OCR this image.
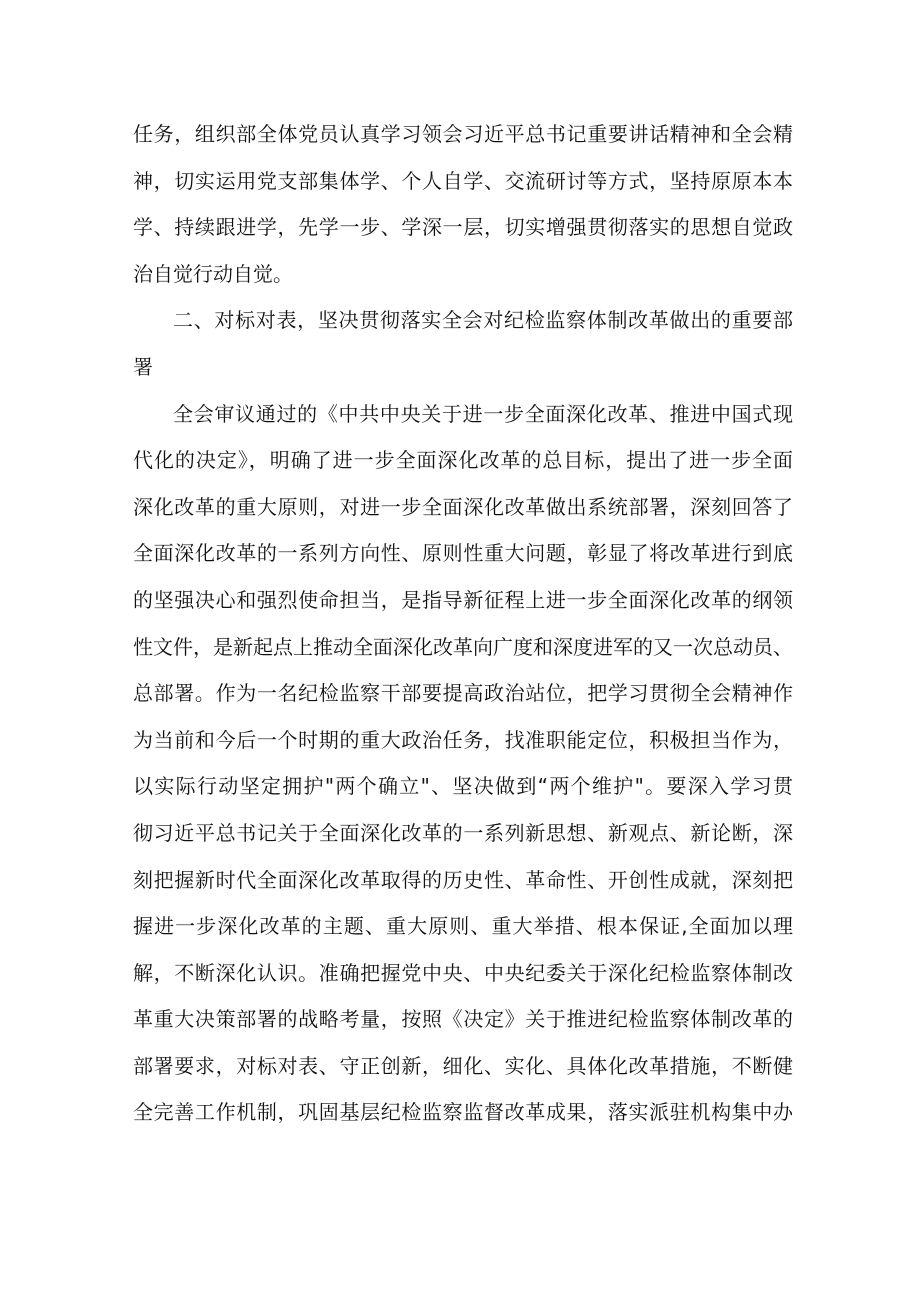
任务，组织部全体党员认真学习领会习近平总书记重要讲话精神和全会精
神，切实运用党支部集体学、个人自学、交流研讨等方式，坚持原原本本
学、持续跟进学，先学一步、学深一层，切实增强贯彻落实的思想自觉政
治自觉行动自觉。
二、对标对表，坚决贯彻落实全会对纪检监察体制改革做出的重要部
署
全会审议通过的《中共中央关于进一步全面深化改革、推进中国式现
代化的决定》，明确了进一步全面深化改革的总目标，提出了进一步全面
深化改革的重大原则，对进一步全面深化改革做出系统部署，深刻回答了
全面深化改革的一系列方向性、原则性重大问题，彰显了将改革进行到底
的坚强决心和强烈使命担当，是指导新征程上进一步全面深化改革的纲领
性文件，是新起点上推动全面深化改革向广度和深度进军的又一次总动员、
总部署。作为一名纪检监察干部要提高政治站位，把学习贯彻全会精神作
为当前和今后一个时期的重大政治任务，找准职能定位，积极担当作为，
以实际行动坚定拥护"两个确立"、坚决做到“两个维护"。要深入学习贯
彻习近平总书记关于全面深化改革的一系列新思想、新观点、新论断，深
刻把握新时代全面深化改革取得的历史性、革命性、开创性成就，深刻把
握进一步深化改革的主题、重大原则、重大举措、根本保证,全面加以理
解，不断深化认识。准确把握党中央、中央纪委关于深化纪检监察体制改
革重大决策部署的战略考量，按照《决定》关于推进纪检监察体制改革的
部署要求，对标对表、守正创新，细化、实化、具体化改革措施，不断健
全完善工作机制，巩固基层纪检监察监督改革成果，落实派驻机构集中办
